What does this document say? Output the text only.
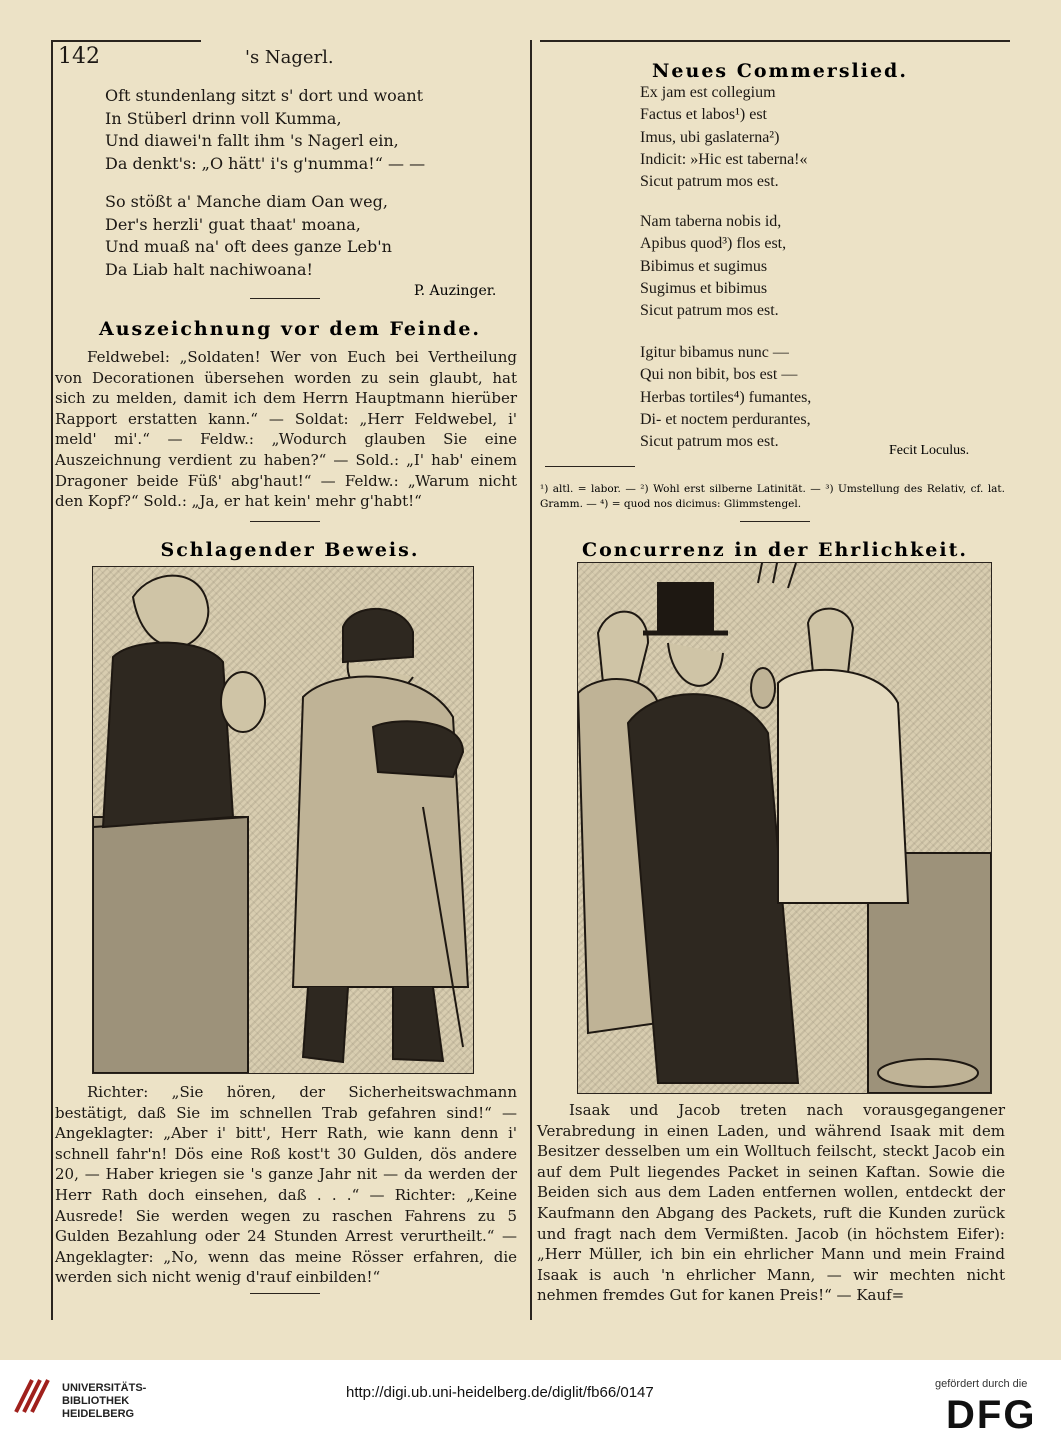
142	's Nagerl.
Oft stundenlang sitzt s' dort und woant
In Stüberl drinn voll Kumma,
Und diawei'n fallt ihm 's Nagerl ein,
Da denkt's: „O hätt' i's g'numma!“ — —
So stößt a' Manche diam Oan weg,
Der's herzli' guat thaat' moana,
Und muaß na' oft dees ganze Leb'n
Da Liab halt nachiwoana!
P. Auzinger.
Auszeichnung vor dem Feinde.
Feldwebel: „Soldaten! Wer von Euch bei Vertheilung von Decorationen übersehen worden zu sein glaubt, hat sich zu melden, damit ich dem Herrn Hauptmann hierüber Rapport erstatten kann.“ — Soldat: „Herr Feldwebel, i' meld' mi'.“ — Feldw.: „Wodurch glauben Sie eine Auszeichnung verdient zu haben?“ — Sold.: „I' hab' einem Dragoner beide Füß' abg'haut!“ — Feldw.: „Warum nicht den Kopf?“ Sold.: „Ja, er hat kein' mehr g'habt!“
Schlagender Beweis.
Richter: „Sie hören, der Sicherheitswachmann bestätigt, daß Sie im schnellen Trab gefahren sind!“ — Angeklagter: „Aber i' bitt', Herr Rath, wie kann denn i' schnell fahr'n! Dös eine Roß kost't 30 Gulden, dös andere 20, — Haber kriegen sie 's ganze Jahr nit — da werden der Herr Rath doch einsehen, daß . . .“ — Richter: „Keine Ausrede! Sie werden wegen zu raschen Fahrens zu 5 Gulden Bezahlung oder 24 Stunden Arrest verurtheilt.“ — Angeklagter: „No, wenn das meine Rösser erfahren, die werden sich nicht wenig d'rauf einbilden!“
Neues Commerslied.
Ex jam est collegium
Factus et labos¹) est
Imus, ubi gaslaterna²)
Indicit: »Hic est taberna!«
Sicut patrum mos est.
Nam taberna nobis id,
Apibus quod³) flos est,
Bibimus et sugimus
Sugimus et bibimus
Sicut patrum mos est.
Igitur bibamus nunc —
Qui non bibit, bos est —
Herbas tortiles⁴) fumantes,
Di- et noctem perdurantes,
Sicut patrum mos est.
Fecit Loculus.
¹) altl. = labor. — ²) Wohl erst silberne Latinität. — ³) Umstellung des Relativ, cf. lat. Gramm. — ⁴) = quod nos dicimus: Glimmstengel.
Concurrenz in der Ehrlichkeit.
Isaak und Jacob treten nach vorausgegangener Verabredung in einen Laden, und während Isaak mit dem Besitzer desselben um ein Wolltuch feilscht, steckt Jacob ein auf dem Pult liegendes Packet in seinen Kaftan. Sowie die Beiden sich aus dem Laden entfernen wollen, entdeckt der Kaufmann den Abgang des Packets, ruft die Kunden zurück und fragt nach dem Vermißten. Jacob (in höchstem Eifer): „Herr Müller, ich bin ein ehrlicher Mann und mein Fraind Isaak is auch 'n ehrlicher Mann, — wir mechten nicht nehmen fremdes Gut for kanen Preis!“ — Kauf=
UNIVERSITÄTS-
BIBLIOTHEK
HEIDELBERG
http://digi.ub.uni-heidelberg.de/diglit/fb66/0147	gefördert durch die
DFG
